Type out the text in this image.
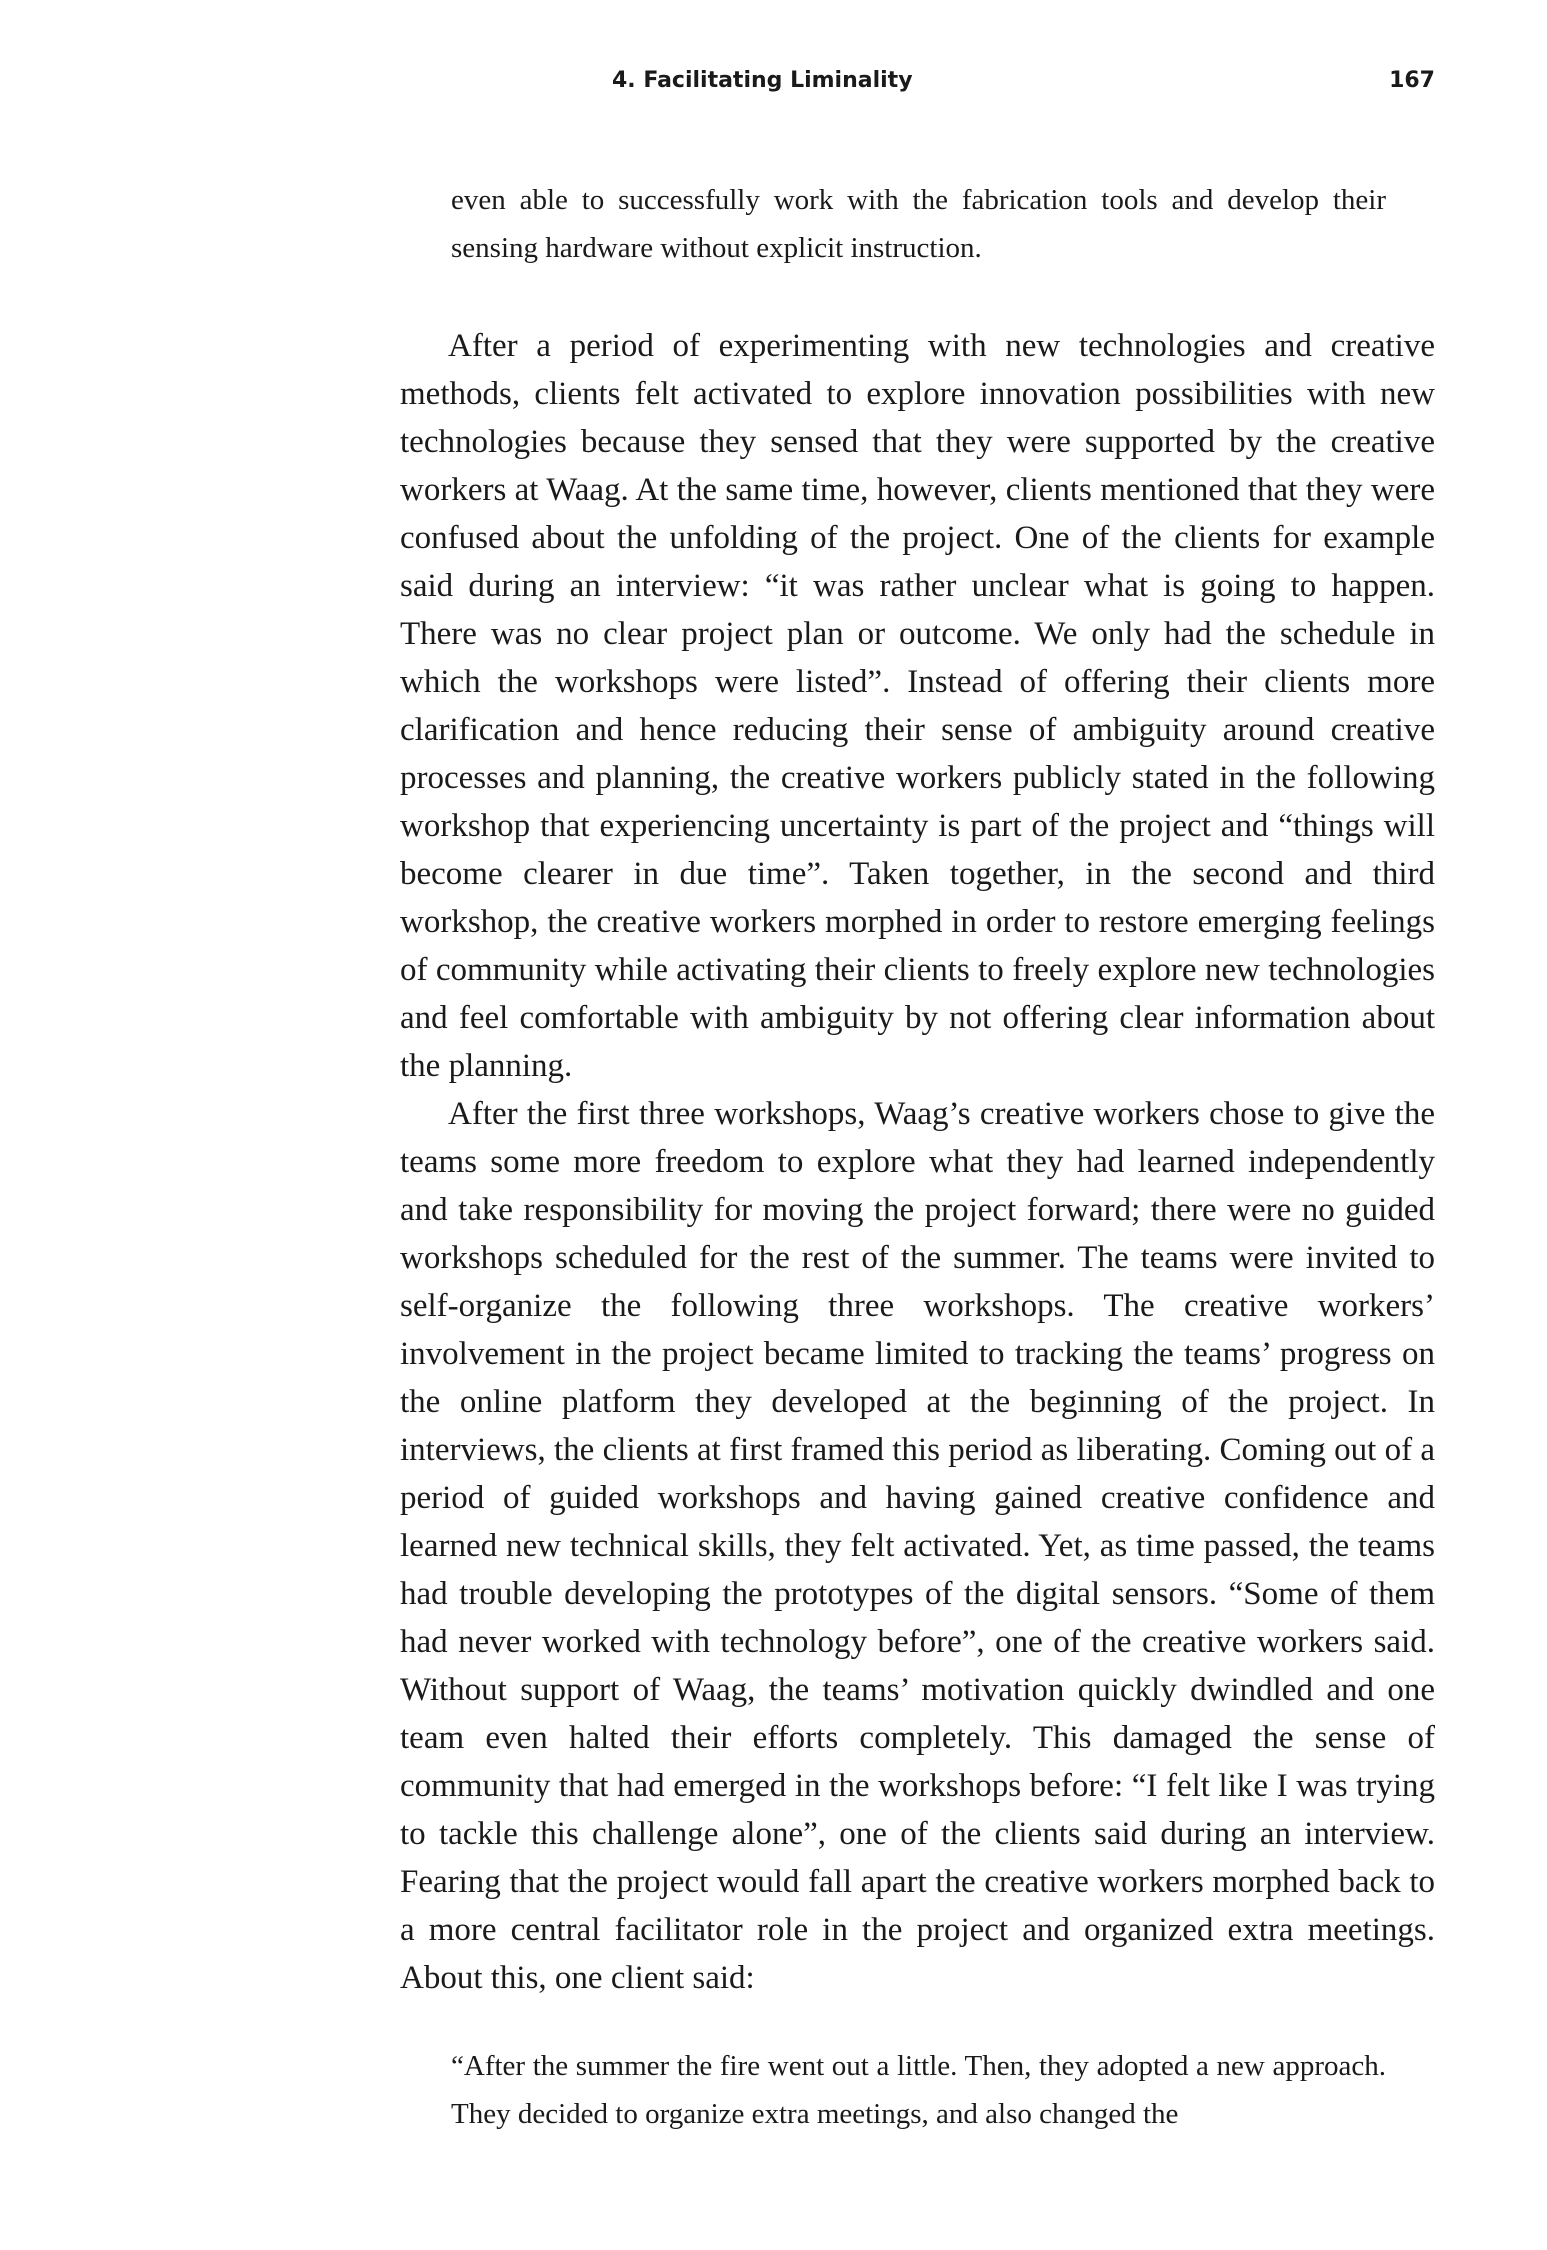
4. Facilitating Liminality	167

even able to successfully work with the fabrication tools and develop their sensing hardware without explicit instruction.

After a period of experimenting with new technologies and creative methods, clients felt activated to explore innovation possibilities with new technologies because they sensed that they were supported by the creative workers at Waag. At the same time, however, clients mentioned that they were confused about the unfolding of the project. One of the clients for example said during an interview: “it was rather unclear what is going to happen. There was no clear project plan or outcome. We only had the schedule in which the workshops were listed”. Instead of offering their clients more clarification and hence reducing their sense of ambiguity around creative processes and planning, the creative workers publicly stated in the following workshop that experiencing uncertainty is part of the project and “things will become clearer in due time”. Taken together, in the second and third workshop, the creative workers morphed in order to restore emerging feelings of community while activating their clients to freely explore new technologies and feel comfortable with ambiguity by not offering clear information about the planning.

After the first three workshops, Waag’s creative workers chose to give the teams some more freedom to explore what they had learned independently and take responsibility for moving the project forward; there were no guided workshops scheduled for the rest of the summer. The teams were invited to self-organize the following three workshops. The creative workers’ involvement in the project became limited to tracking the teams’ progress on the online platform they developed at the beginning of the project. In interviews, the clients at first framed this period as liberating. Coming out of a period of guided workshops and having gained creative confidence and learned new technical skills, they felt activated. Yet, as time passed, the teams had trouble developing the prototypes of the digital sensors. “Some of them had never worked with technology before”, one of the creative workers said. Without support of Waag, the teams’ motivation quickly dwindled and one team even halted their efforts completely. This damaged the sense of community that had emerged in the workshops before: “I felt like I was trying to tackle this challenge alone”, one of the clients said during an interview. Fearing that the project would fall apart the creative workers morphed back to a more central facilitator role in the project and organized extra meetings. About this, one client said:

“After the summer the fire went out a little. Then, they adopted a new approach. They decided to organize extra meetings, and also changed the
